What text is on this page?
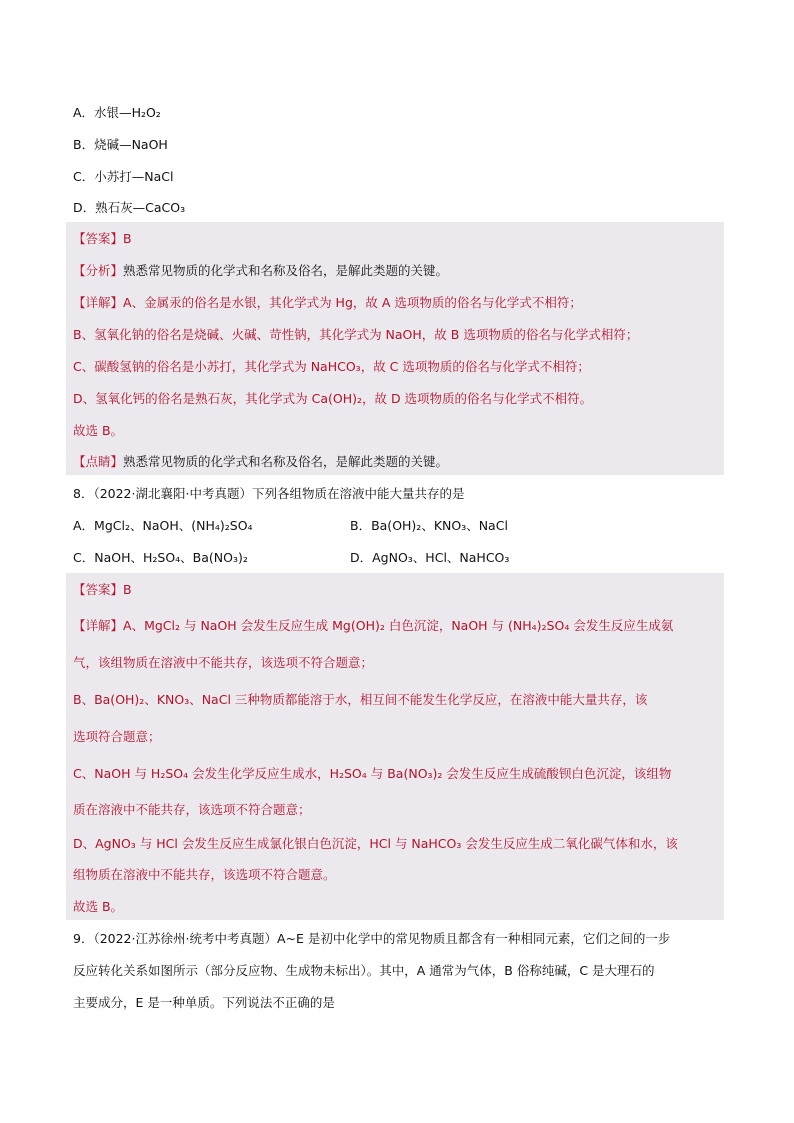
A．水银—H₂O₂
B．烧碱—NaOH
C．小苏打—NaCl
D．熟石灰—CaCO₃
【答案】B
【分析】熟悉常见物质的化学式和名称及俗名，是解此类题的关键。
【详解】A、金属汞的俗名是水银，其化学式为 Hg，故 A 选项物质的俗名与化学式不相符；
B、氢氧化钠的俗名是烧碱、火碱、苛性钠，其化学式为 NaOH，故 B 选项物质的俗名与化学式相符；
C、碳酸氢钠的俗名是小苏打，其化学式为 NaHCO₃，故 C 选项物质的俗名与化学式不相符；
D、氢氧化钙的俗名是熟石灰，其化学式为 Ca(OH)₂，故 D 选项物质的俗名与化学式不相符。
故选 B。
【点睛】熟悉常见物质的化学式和名称及俗名，是解此类题的关键。
8．（2022·湖北襄阳·中考真题）下列各组物质在溶液中能大量共存的是
A．MgCl₂、NaOH、(NH₄)₂SO₄	B．Ba(OH)₂、KNO₃、NaCl
C．NaOH、H₂SO₄、Ba(NO₃)₂	D．AgNO₃、HCl、NaHCO₃
【答案】B
【详解】A、MgCl₂ 与 NaOH 会发生反应生成 Mg(OH)₂ 白色沉淀，NaOH 与 (NH₄)₂SO₄ 会发生反应生成氨
气，该组物质在溶液中不能共存，该选项不符合题意；
B、Ba(OH)₂、KNO₃、NaCl 三种物质都能溶于水，相互间不能发生化学反应，在溶液中能大量共存，该
选项符合题意；
C、NaOH 与 H₂SO₄ 会发生化学反应生成水，H₂SO₄ 与 Ba(NO₃)₂ 会发生反应生成硫酸钡白色沉淀，该组物
质在溶液中不能共存，该选项不符合题意；
D、AgNO₃ 与 HCl 会发生反应生成氯化银白色沉淀，HCl 与 NaHCO₃ 会发生反应生成二氧化碳气体和水，该
组物质在溶液中不能共存，该选项不符合题意。
故选 B。
9．（2022·江苏徐州·统考中考真题）A~E 是初中化学中的常见物质且都含有一种相同元素，它们之间的一步
反应转化关系如图所示（部分反应物、生成物未标出）。其中，A 通常为气体，B 俗称纯碱，C 是大理石的
主要成分，E 是一种单质。下列说法不正确的是
